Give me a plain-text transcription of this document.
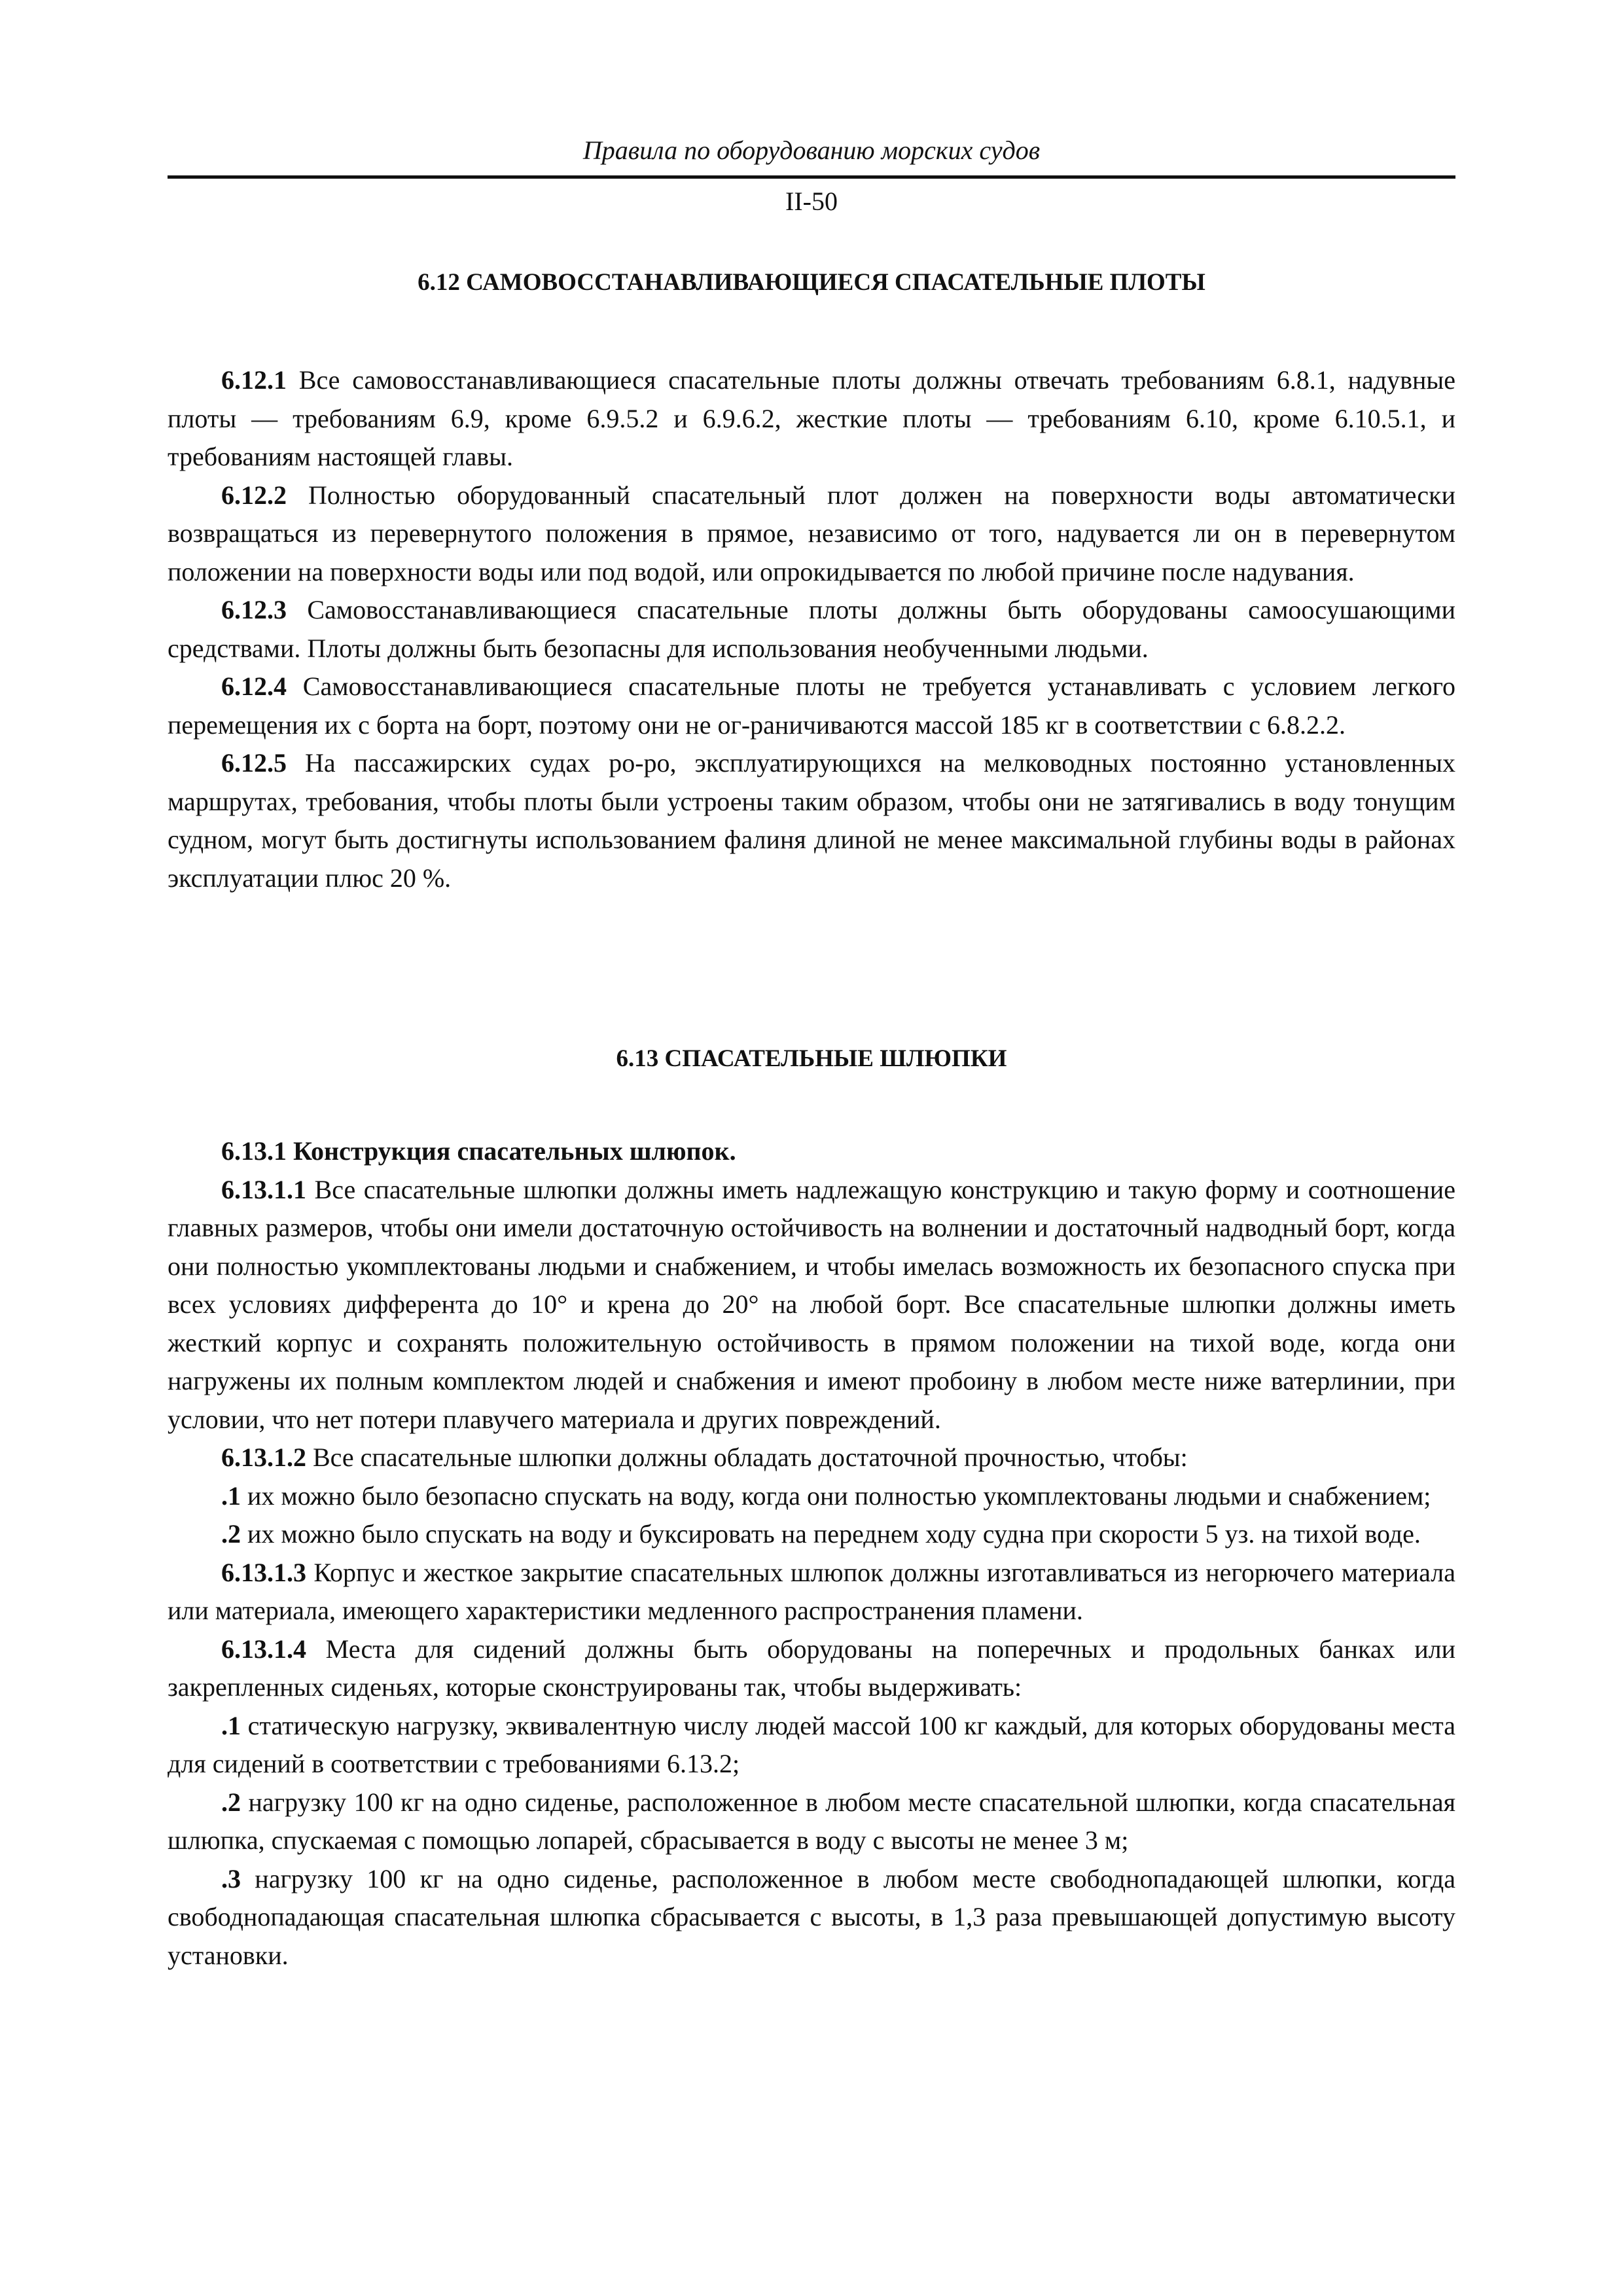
Правила по оборудованию морских судов
II-50
6.12 САМОВОССТАНАВЛИВАЮЩИЕСЯ СПАСАТЕЛЬНЫЕ ПЛОТЫ

6.12.1 Все самовосстанавливающиеся спасательные плоты должны отвечать требованиям 6.8.1, надувные плоты — требованиям 6.9, кроме 6.9.5.2 и 6.9.6.2, жесткие плоты — требованиям 6.10, кроме 6.10.5.1, и требованиям настоящей главы.

6.12.2 Полностью оборудованный спасательный плот должен на поверхности воды автоматически возвращаться из перевернутого положения в прямое, независимо от того, надувается ли он в перевернутом положении на поверхности воды или под водой, или опрокидывается по любой причине после надувания.

6.12.3 Самовосстанавливающиеся спасательные плоты должны быть оборудованы самоосушающими средствами. Плоты должны быть безопасны для использования необученными людьми.

6.12.4 Самовосстанавливающиеся спасательные плоты не требуется устанавливать с условием легкого перемещения их с борта на борт, поэтому они не ог-раничиваются массой 185 кг в соответствии с 6.8.2.2.

6.12.5 На пассажирских судах ро-ро, эксплуатирующихся на мелководных постоянно установленных маршрутах, требования, чтобы плоты были устроены таким образом, чтобы они не затягивались в воду тонущим судном, могут быть достигнуты использованием фалиня длиной не менее максимальной глубины воды в районах эксплуатации плюс 20 %.

6.13 СПАСАТЕЛЬНЫЕ ШЛЮПКИ

6.13.1 Конструкция спасательных шлюпок.

6.13.1.1 Все спасательные шлюпки должны иметь надлежащую конструкцию и такую форму и соотношение главных размеров, чтобы они имели достаточную остойчивость на волнении и достаточный надводный борт, когда они полностью укомплектованы людьми и снабжением, и чтобы имелась возможность их безопасного спуска при всех условиях дифферента до 10° и крена до 20° на любой борт. Все спасательные шлюпки должны иметь жесткий корпус и сохранять положительную остойчивость в прямом положении на тихой воде, когда они нагружены их полным комплектом людей и снабжения и имеют пробоину в любом месте ниже ватерлинии, при условии, что нет потери плавучего материала и других повреждений.

6.13.1.2 Все спасательные шлюпки должны обладать достаточной прочностью, чтобы:

.1 их можно было безопасно спускать на воду, когда они полностью укомплектованы людьми и снабжением;

.2 их можно было спускать на воду и буксировать на переднем ходу судна при скорости 5 уз. на тихой воде.

6.13.1.3 Корпус и жесткое закрытие спасательных шлюпок должны изготавливаться из негорючего материала или материала, имеющего характеристики медленного распространения пламени.

6.13.1.4 Места для сидений должны быть оборудованы на поперечных и продольных банках или закрепленных сиденьях, которые сконструированы так, чтобы выдерживать:

.1 статическую нагрузку, эквивалентную числу людей массой 100 кг каждый, для которых оборудованы места для сидений в соответствии с требованиями 6.13.2;

.2 нагрузку 100 кг на одно сиденье, расположенное в любом месте спасательной шлюпки, когда спасательная шлюпка, спускаемая с помощью лопарей, сбрасывается в воду с высоты не менее 3 м;

.3 нагрузку 100 кг на одно сиденье, расположенное в любом месте свободнопадающей шлюпки, когда свободнопадающая спасательная шлюпка сбрасывается с высоты, в 1,3 раза превышающей допустимую высоту установки.
